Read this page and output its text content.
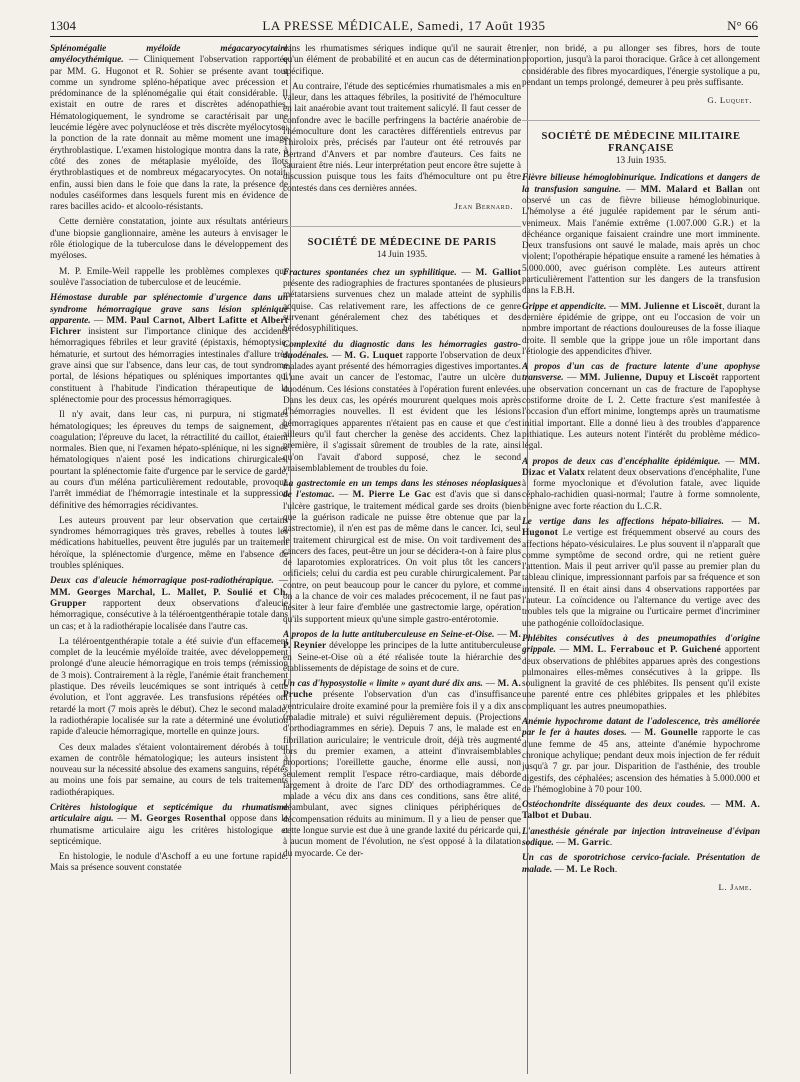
1304	LA PRESSE MÉDICALE, Samedi, 17 Août 1935	N° 66

Splénomégalie myéloïde mégacaryocytaire amyélocythémique. — Cliniquement l'observation rapportée par MM. G. Hugonot et R. Sohier se présente avant tout comme un syndrome spléno-hépatique avec précession et prédominance de la splénomégalie qui était considérable. Il existait en outre de rares et discrètes adénopathies. Hématologiquement, le syndrome se caractérisait par une leucémie légère avec polynucléose et très discrète myélocytose; la ponction de la rate donnait au même moment une image érythroblastique. L'examen histologique montra dans la rate, à côté des zones de métaplasie myéloïde, des îlots érythroblastiques et de nombreux mégacaryocytes. On notait, enfin, aussi bien dans le foie que dans la rate, la présence de nodules caséiformes dans lesquels furent mis en évidence de rares bacilles acido- et alcoolo-résistants.

Cette dernière constatation, jointe aux résultats antérieurs d'une biopsie ganglionnaire, amène les auteurs à envisager le rôle étiologique de la tuberculose dans le développement des myéloses.

M. P. Emile-Weil rappelle les problèmes complexes que soulève l'association de tuberculose et de leucémie.

Hémostase durable par splénectomie d'urgence dans un syndrome hémorragique grave sans lésion splénique apparente. — MM. Paul Carnot, Albert Lafitte et Albert Fichrer insistent sur l'importance clinique des accidents hémorragiques fébriles et leur gravité (épistaxis, hémoptysie, hématurie, et surtout des hémorragies intestinales d'allure très grave ainsi que sur l'absence, dans leur cas, de tout syndrome portal, de lésions hépatiques ou spléniques importantes qui constituent à l'habitude l'indication thérapeutique de la splénectomie pour des processus hémorragiques.

Il n'y avait, dans leur cas, ni purpura, ni stigmates hématologiques; les épreuves du temps de saignement, de coagulation; l'épreuve du lacet, la rétractilité du caillot, étaient normales. Bien que, ni l'examen hépato-splénique, ni les signes hématologiques n'aient posé les indications chirurgicales, pourtant la splénectomie faite d'urgence par le service de garde, au cours d'un méléna particulièrement redoutable, provoqua l'arrêt immédiat de l'hémorragie intestinale et la suppression définitive des hémorragies récidivantes.

Les auteurs prouvent par leur observation que certains syndromes hémorragiques très graves, rebelles à toutes les médications habituelles, peuvent être jugulés par un traitement héroïque, la splénectomie d'urgence, même en l'absence de troubles spléniques.

Deux cas d'aleucie hémorragique post-radiothérapique. — MM. Georges Marchal, L. Mallet, P. Soulié et Ch. Grupper rapportent deux observations d'aleucie hémorragique, consécutive à la téléroentgenthérapie totale dans un cas; et à la radiothérapie localisée dans l'autre cas.

La téléroentgenthérapie totale a été suivie d'un effacement complet de la leucémie myéloïde traitée, avec développement prolongé d'une aleucie hémorragique en trois temps (rémission de 3 mois). Contrairement à la règle, l'anémie était franchement plastique. Des réveils leucémiques se sont intriqués à cette évolution, et l'ont aggravée. Les transfusions répétées ont retardé la mort (7 mois après le début). Chez le second malade, la radiothérapie localisée sur la rate a déterminé une évolution rapide d'aleucie hémorragique, mortelle en quinze jours.

Ces deux malades s'étaient volontairement dérobés à tout examen de contrôle hématologique; les auteurs insistent à nouveau sur la nécessité absolue des examens sanguins, répétés au moins une fois par semaine, au cours de tels traitements radiothérapiques.

Critères histologique et septicémique du rhumatisme articulaire aigu. — M. Georges Rosenthal oppose dans le rhumatisme articulaire aigu les critères histologique et septicémique.

En histologie, le nodule d'Aschoff a eu une fortune rapide. Mais sa présence souvent constatée

dans les rhumatismes sériques indique qu'il ne saurait être qu'un élément de probabilité et en aucun cas de détermination spécifique.

Au contraire, l'étude des septicémies rhumatismales a mis en valeur, dans les attaques fébriles, la positivité de l'hémoculture en lait anaérobie avant tout traitement salicylé. Il faut cesser de confondre avec le bacille perfringens la bactérie anaérobie de l'hémoculture dont les caractères différentiels entrevus par Thiroloix près, précisés par l'auteur ont été retrouvés par Bertrand d'Anvers et par nombre d'auteurs. Ces faits ne sauraient être niés. Leur interprétation peut encore être sujette à discussion puisque tous les faits d'hémoculture ont pu être contestés dans ces dernières années.

Jean Bernard.
SOCIÉTÉ DE MÉDECINE DE PARIS
14 Juin 1935.

Fractures spontanées chez un syphilitique. — M. Galliot présente des radiographies de fractures spontanées de plusieurs métatarsiens survenues chez un malade atteint de syphilis acquise. Cas relativement rare, les affections de ce genre survenant généralement chez des tabétiques et des hérédosyphilitiques.

Complexité du diagnostic dans les hémorragies gastro-duodénales. — M. G. Luquet rapporte l'observation de deux malades ayant présenté des hémorragies digestives importantes. L'une avait un cancer de l'estomac, l'autre un ulcère du duodénum. Ces lésions constatées à l'opération furent enlevées. Dans les deux cas, les opérés moururent quelques mois après d'hémorragies nouvelles. Il est évident que les lésions hémorragiques apparentes n'étaient pas en cause et que c'est ailleurs qu'il faut chercher la genèse des accidents. Chez la première, il s'agissait sûrement de troubles de la rate, ainsi qu'on l'avait d'abord supposé, chez le second vraisemblablement de troubles du foie.

La gastrectomie en un temps dans les sténoses néoplasiques de l'estomac. — M. Pierre Le Gac est d'avis que si dans l'ulcère gastrique, le traitement médical garde ses droits (bien que la guérison radicale ne puisse être obtenue que par la gastrectomie), il n'en est pas de même dans le cancer. Ici, seul le traitement chirurgical est de mise. On voit tardivement des cancers des faces, peut-être un jour se décidera-t-on à faire plus de laparotomies exploratrices. On voit plus tôt les cancers orificiels; celui du cardia est peu curable chirurgicalement. Par contre, on peut beaucoup pour le cancer du pylore, et comme on a la chance de voir ces malades précocement, il ne faut pas hésiter à leur faire d'emblée une gastrectomie large, opération qu'ils supportent mieux qu'une simple gastro-entérotomie.

A propos de la lutte antituberculeuse en Seine-et-Oise. — M. P. Reynier développe les principes de la lutte antituberculeuse en Seine-et-Oise où a été réalisée toute la hiérarchie des établissements de dépistage de soins et de cure.

Un cas d'hyposystolie « limite » ayant duré dix ans. — M. A. Pruche présente l'observation d'un cas d'insuffisance ventriculaire droite examiné pour la première fois il y a dix ans (maladie mitrale) et suivi régulièrement depuis. (Projections d'orthodiagrammes en série). Depuis 7 ans, le malade est en fibrillation auriculaire; le ventricule droit, déjà très augmenté lors du premier examen, a atteint d'invraisemblables proportions; l'oreillette gauche, énorme elle aussi, non seulement remplit l'espace rétro-cardiaque, mais déborde largement à droite de l'arc DD' des orthodiagrammes. Ce malade a vécu dix ans dans ces conditions, sans être alité, déambulant, avec signes cliniques périphériques de décompensation réduits au minimum. Il y a lieu de penser que cette longue survie est due à une grande laxité du péricarde qui, à aucun moment de l'évolution, ne s'est opposé à la dilatation du myocarde. Ce der-

nier, non bridé, a pu allonger ses fibres, hors de toute proportion, jusqu'à la paroi thoracique. Grâce à cet allongement considérable des fibres myocardiques, l'énergie systolique a pu, pendant un temps prolongé, demeurer à peu près suffisante.

G. Luquet.
SOCIÉTÉ DE MÉDECINE MILITAIRE FRANÇAISE
13 Juin 1935.

Fièvre bilieuse hémoglobinurique. Indications et dangers de la transfusion sanguine. — MM. Malard et Ballan ont observé un cas de fièvre bilieuse hémoglobinurique. L'hémolyse a été jugulée rapidement par le sérum anti-venimeux. Mais l'anémie extrême (1.007.000 G.R.) et la déchéance organique faisaient craindre une mort imminente. Deux transfusions ont sauvé le malade, mais après un choc violent; l'opothérapie hépatique ensuite a ramené les hématies à 5.000.000, avec guérison complète. Les auteurs attirent particulièrement l'attention sur les dangers de la transfusion dans la F.B.H.

Grippe et appendicite. — MM. Julienne et Liscoët, durant la dernière épidémie de grippe, ont eu l'occasion de voir un nombre important de réactions douloureuses de la fosse iliaque droite. Il semble que la grippe joue un rôle important dans l'étiologie des appendicites d'hiver.

A propos d'un cas de fracture latente d'une apophyse transverse. — MM. Julienne, Dupuy et Liscoët rapportent une observation concernant un cas de fracture de l'apophyse costiforme droite de L 2. Cette fracture s'est manifestée à l'occasion d'un effort minime, longtemps après un traumatisme initial important. Elle a donné lieu à des troubles d'apparence pithiatique. Les auteurs notent l'intérêt du problème médico-légal.

A propos de deux cas d'encéphalite épidémique. — MM. Dizac et Valatx relatent deux observations d'encéphalite, l'une à forme myoclonique et d'évolution fatale, avec liquide céphalo-rachidien quasi-normal; l'autre à forme somnolente, bénigne avec forte réaction du L.C.R.

Le vertige dans les affections hépato-biliaires. — M. Hugonot Le vertige est fréquemment observé au cours des affections hépato-vésiculaires. Le plus souvent il n'apparaît que comme symptôme de second ordre, qui ne retient guère l'attention. Mais il peut arriver qu'il passe au premier plan du tableau clinique, impressionnant parfois par sa fréquence et son intensité. Il en était ainsi dans 4 observations rapportées par l'auteur. La coïncidence ou l'alternance du vertige avec des troubles tels que la migraine ou l'urticaire permet d'incriminer une pathogénie colloïdoclasique.

Phlébites consécutives à des pneumopathies d'origine grippale. — MM. L. Ferrabouc et P. Guichené apportent deux observations de phlébites apparues après des congestions pulmonaires elles-mêmes consécutives à la grippe. Ils soulignent la gravité de ces phlébites. Ils pensent qu'il existe une parenté entre ces phlébites grippales et les phlébites compliquant les autres pneumopathies.

Anémie hypochrome datant de l'adolescence, très améliorée par le fer à hautes doses. — M. Gounelle rapporte le cas d'une femme de 45 ans, atteinte d'anémie hypochrome chronique achylique; pendant deux mois injection de fer réduit jusqu'à 7 gr. par jour. Disparition de l'asthénie, des trouble digestifs, des céphalées; ascension des hématies à 5.000.000 et de l'hémoglobine à 70 pour 100.

Ostéochondrite disséquante des deux coudes. — MM. A. Talbot et Dubau.

L'anesthésie générale par injection intraveineuse d'évipan sodique. — M. Garric.

Un cas de sporotrichose cervico-faciale. Présentation de malade. — M. Le Roch.

L. Jame.
